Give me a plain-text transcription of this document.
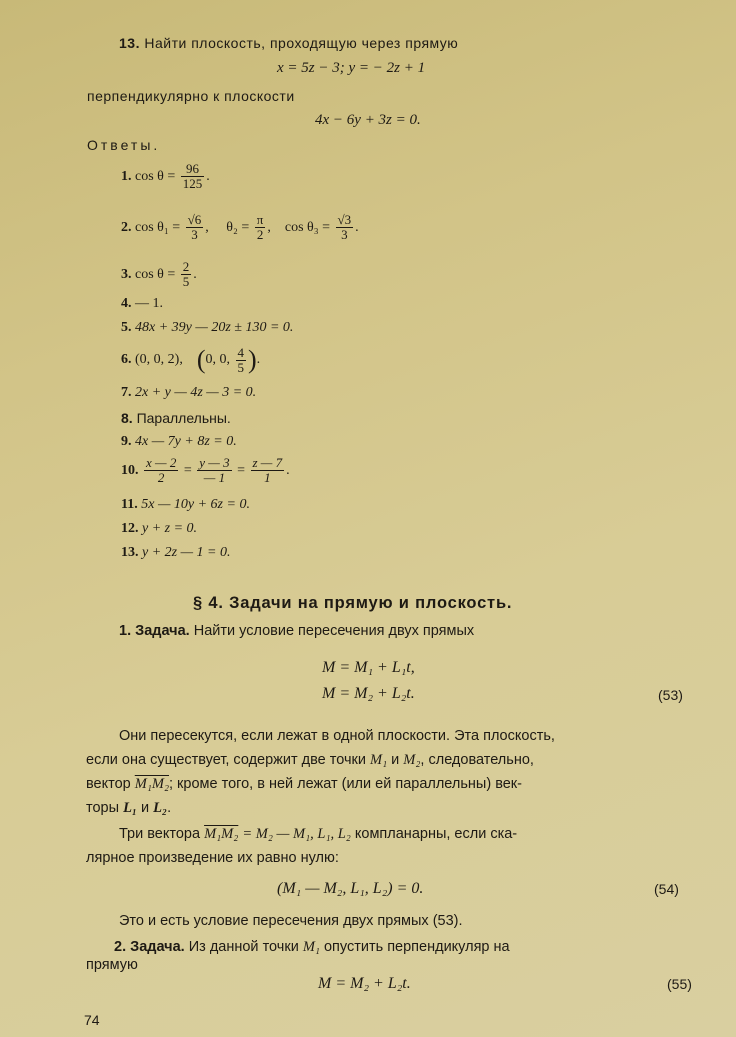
13. Найти плоскость, проходящую через прямую
x = 5z − 3; y = − 2z + 1
перпендикулярно к плоскости
4x − 6y + 3z = 0.
Ответы.
1. $\cos \theta = \frac{96}{125}$ .
2. $\cos \theta_1 = \frac{√6}{3}$ , $\theta_2 = \frac{\pi}{2}$ , $\cos \theta_3 = \frac{√3}{3}$ .
3. $\cos \theta = \frac{2}{5}$ .
4. — 1.
5. 48x + 39y — 20z ± 130 = 0.
6. (0, 0, 2), (0, 0, $\frac{4}{5}$ ).
7. 2x + y — 4z — 3 = 0.
8. Параллельны.
9. 4x — 7y + 8z = 0.
10. $\frac{x — 2}{2} = \frac{y — 3}{— 1} = \frac{z — 7}{1}$ .
11. 5x — 10y + 6z = 0.
12. y + z = 0.
13. y + 2z — 1 = 0.
§ 4. Задачи на прямую и плоскость.
1. Задача. Найти условие пересечения двух прямых
M = M₁ + L₁t,
M = M₂ + L₂t.	(53)
Они пересекутся, если лежат в одной плоскости. Эта плоскость,
если она существует, содержит две точки M₁ и M₂, следовательно,
вектор M₁M₂; кроме того, в ней лежат (или ей параллельны) век-
торы L₁ и L₂.
Три вектора M₁M₂ = M₂ — M₁, L₁, L₂ компланарны, если ска-
лярное произведение их равно нулю:
(M₁ — M₂, L₁, L₂) = 0.	(54)
Это и есть условие пересечения двух прямых (53).
2. Задача. Из данной точки M₁ опустить перпендикуляр на
прямую
M = M₂ + L₂t.	(55)
74
